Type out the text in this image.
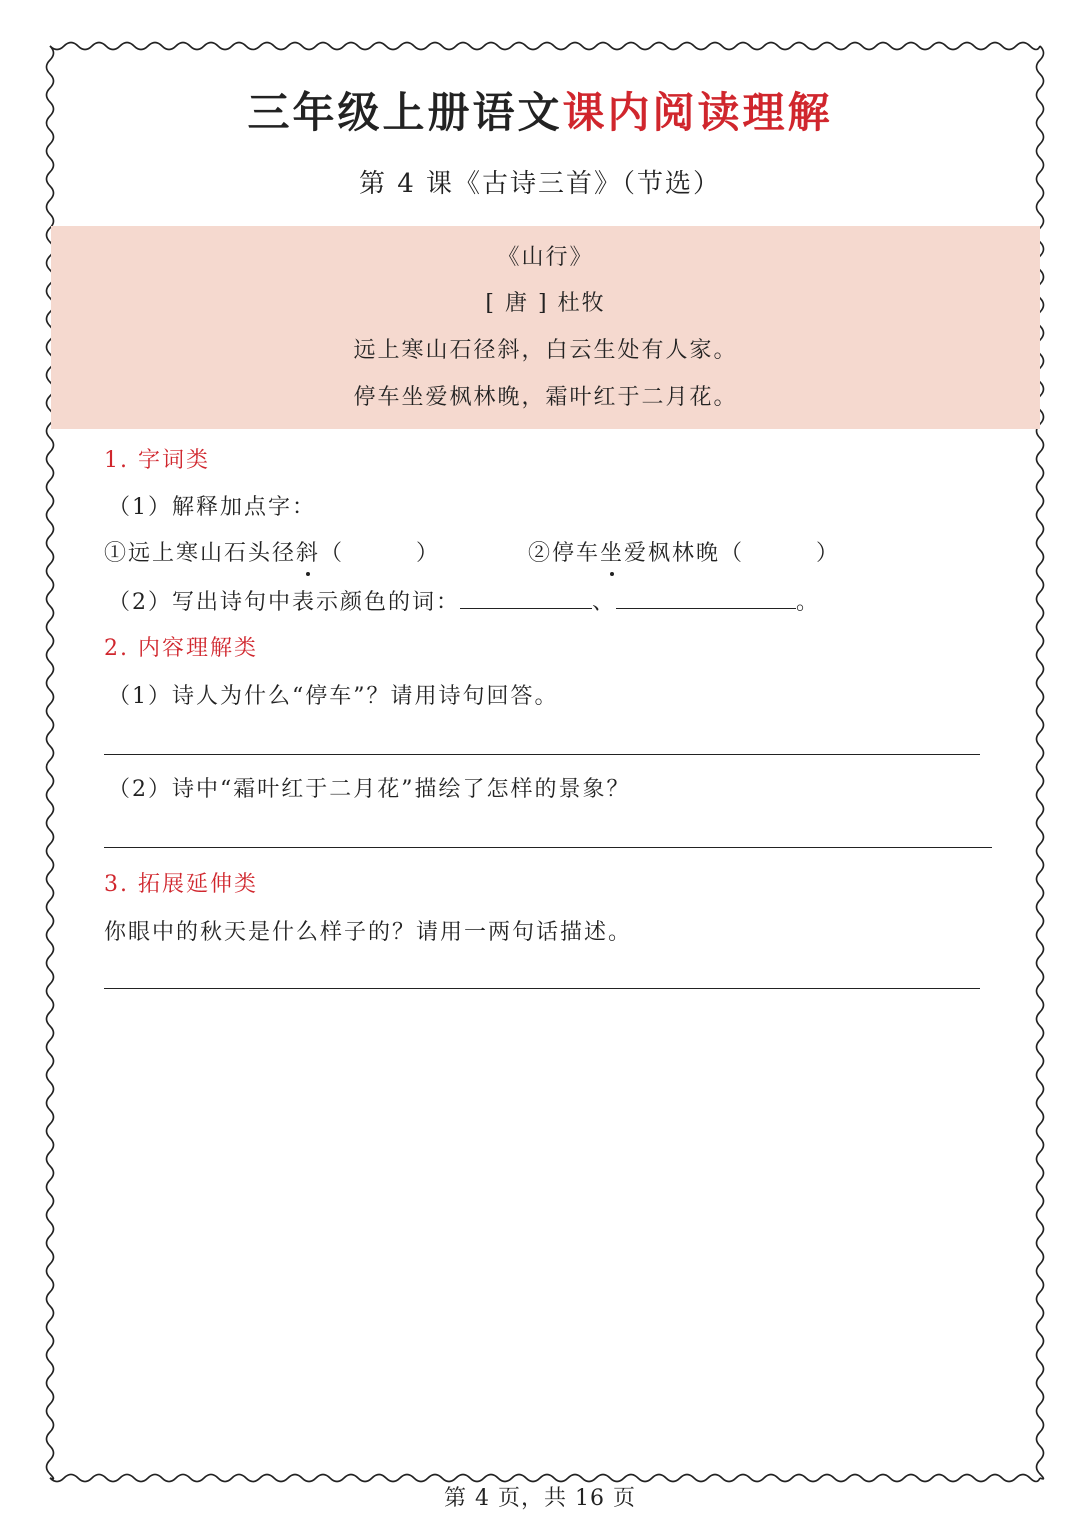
三年级上册语文课内阅读理解
第 4 课《古诗三首》（节选）
《山行》
[ 唐 ] 杜牧
远上寒山石径斜，白云生处有人家。
停车坐爱枫林晚，霜叶红于二月花。
1. 字词类
（1）解释加点字：
①远上寒山石头径斜（　　　）	②停车坐爱枫林晚（　　　）
（2）写出诗句中表示颜色的词：	、	。
2. 内容理解类
（1）诗人为什么“停车”？请用诗句回答。
（2）诗中“霜叶红于二月花”描绘了怎样的景象？
3. 拓展延伸类
你眼中的秋天是什么样子的？请用一两句话描述。
第 4 页，共 16 页
